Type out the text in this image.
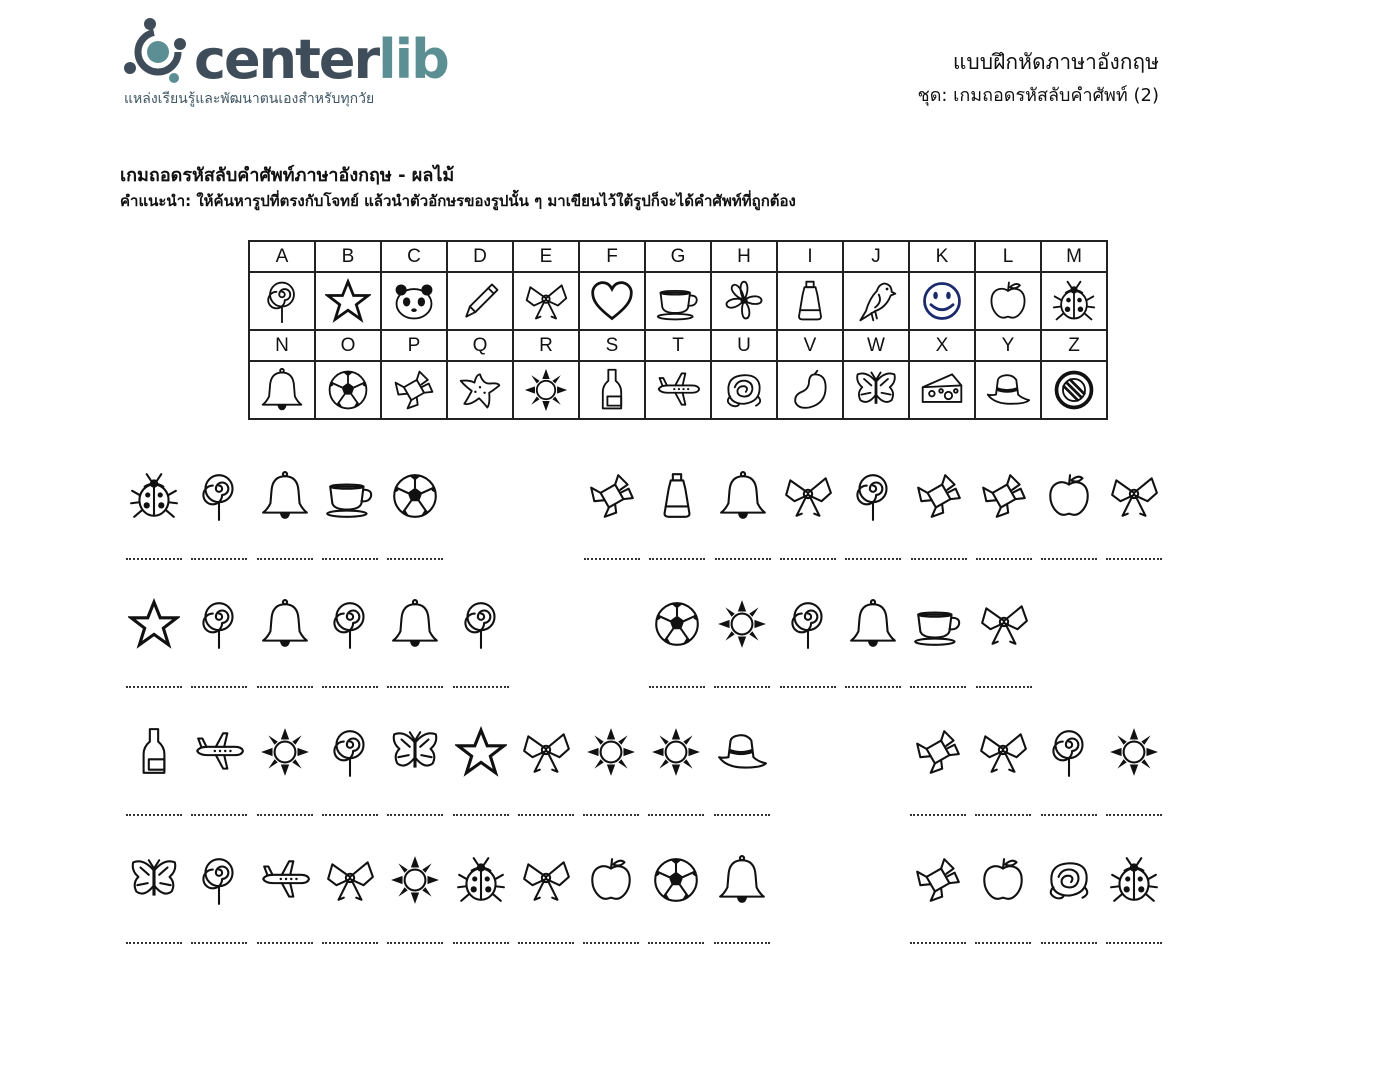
centerlib
แหล่งเรียนรู้และพัฒนาตนเองสำหรับทุกวัย
แบบฝึกหัดภาษาอังกฤษ
ชุด: เกมถอดรหัสลับคำศัพท์ (2)
เกมถอดรหัสลับคำศัพท์ภาษาอังกฤษ - ผลไม้
คำแนะนำ: ให้ค้นหารูปที่ตรงกับโจทย์ แล้วนำตัวอักษรของรูปนั้น ๆ มาเขียนไว้ใต้รูปก็จะได้คำศัพท์ที่ถูกต้อง
A	B	C	D	E	F	G	H	I	J	K	L	M

N	O	P	Q	R	S	T	U	V	W	X	Y	Z
